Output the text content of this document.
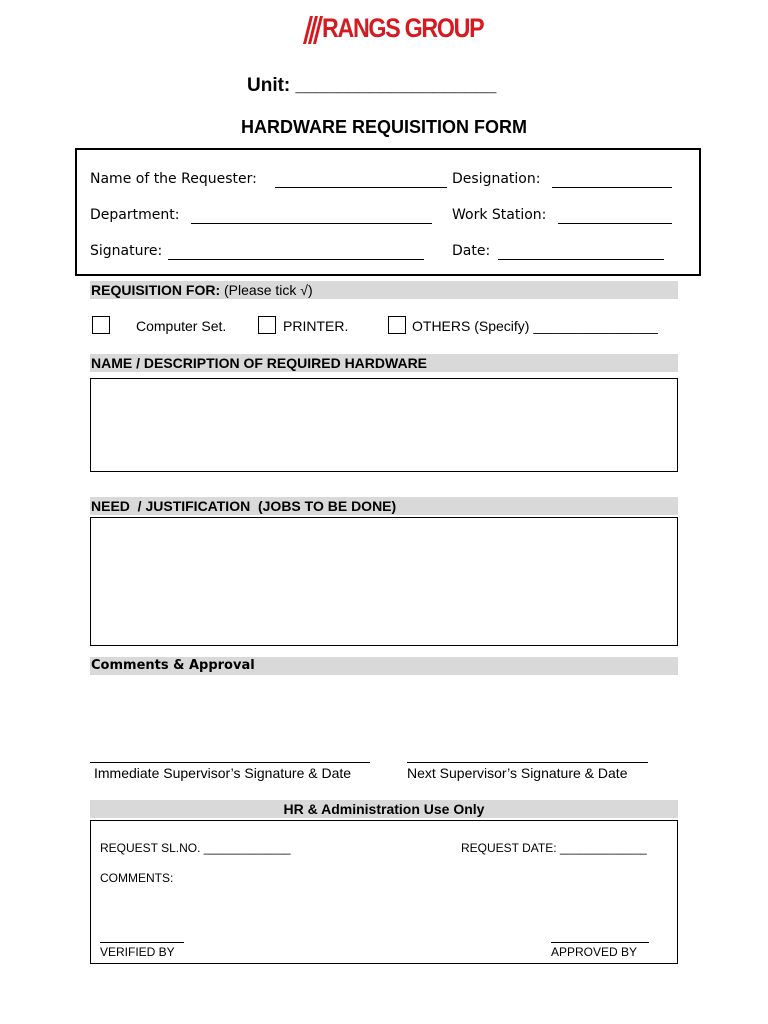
RANGS GROUP
Unit: ___________________
HARDWARE REQUISITION FORM
Name of the Requester:	Designation:
Department:	Work Station:
Signature:	Date:
REQUISITION FOR: (Please tick √)
Computer Set.	PRINTER.	OTHERS (Specify) ________________
NAME / DESCRIPTION OF REQUIRED HARDWARE
NEED  / JUSTIFICATION  (JOBS TO BE DONE)
Comments & Approval
Immediate Supervisor’s Signature & Date	Next Supervisor’s Signature & Date
HR & Administration Use Only
REQUEST SL.NO. _____________	REQUEST DATE: _____________
COMMENTS:
VERIFIED BY	APPROVED BY
